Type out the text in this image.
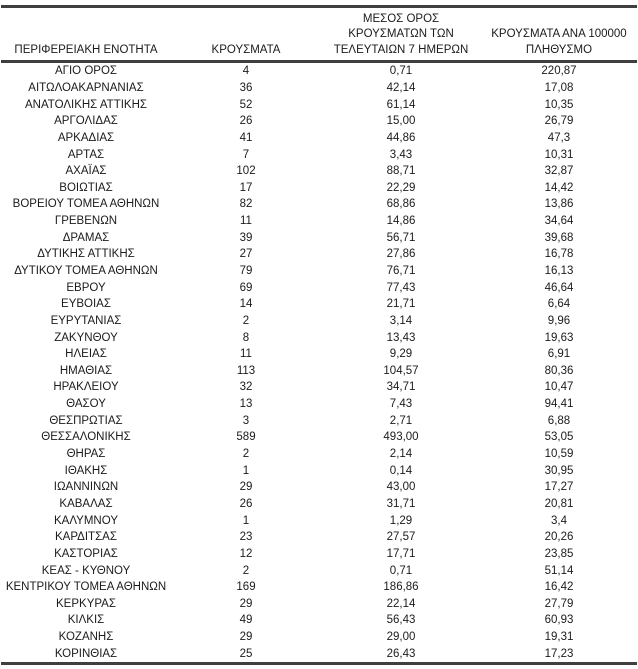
ΠΕΡΙΦΕΡΕΙΑΚΗ ΕΝΟΤΗΤΑ	ΚΡΟΥΣΜΑΤΑ
ΜΕΣΟΣ ΟΡΟΣ
ΚΡΟΥΣΜΑΤΩΝ ΤΩΝ
ΤΕΛΕΥΤΑΙΩΝ 7 ΗΜΕΡΩΝ
ΚΡΟΥΣΜΑΤΑ ΑΝΑ 100000
ΠΛΗΘΥΣΜΟ
ΑΓΙΟ ΟΡΟΣ	4	0,71	220,87
ΑΙΤΩΛΟΑΚΑΡΝΑΝΙΑΣ	36	42,14	17,08
ΑΝΑΤΟΛΙΚΗΣ ΑΤΤΙΚΗΣ	52	61,14	10,35
ΑΡΓΟΛΙΔΑΣ	26	15,00	26,79
ΑΡΚΑΔΙΑΣ	41	44,86	47,3
ΑΡΤΑΣ	7	3,43	10,31
ΑΧΑΪΑΣ	102	88,71	32,87
ΒΟΙΩΤΙΑΣ	17	22,29	14,42
ΒΟΡΕΙΟΥ ΤΟΜΕΑ ΑΘΗΝΩΝ	82	68,86	13,86
ΓΡΕΒΕΝΩΝ	11	14,86	34,64
ΔΡΑΜΑΣ	39	56,71	39,68
ΔΥΤΙΚΗΣ ΑΤΤΙΚΗΣ	27	27,86	16,78
ΔΥΤΙΚΟΥ ΤΟΜΕΑ ΑΘΗΝΩΝ	79	76,71	16,13
ΕΒΡΟΥ	69	77,43	46,64
ΕΥΒΟΙΑΣ	14	21,71	6,64
ΕΥΡΥΤΑΝΙΑΣ	2	3,14	9,96
ΖΑΚΥΝΘΟΥ	8	13,43	19,63
ΗΛΕΙΑΣ	11	9,29	6,91
ΗΜΑΘΙΑΣ	113	104,57	80,36
ΗΡΑΚΛΕΙΟΥ	32	34,71	10,47
ΘΑΣΟΥ	13	7,43	94,41
ΘΕΣΠΡΩΤΙΑΣ	3	2,71	6,88
ΘΕΣΣΑΛΟΝΙΚΗΣ	589	493,00	53,05
ΘΗΡΑΣ	2	2,14	10,59
ΙΘΑΚΗΣ	1	0,14	30,95
ΙΩΑΝΝΙΝΩΝ	29	43,00	17,27
ΚΑΒΑΛΑΣ	26	31,71	20,81
ΚΑΛΥΜΝΟΥ	1	1,29	3,4
ΚΑΡΔΙΤΣΑΣ	23	27,57	20,26
ΚΑΣΤΟΡΙΑΣ	12	17,71	23,85
ΚΕΑΣ - ΚΥΘΝΟΥ	2	0,71	51,14
ΚΕΝΤΡΙΚΟΥ ΤΟΜΕΑ ΑΘΗΝΩΝ	169	186,86	16,42
ΚΕΡΚΥΡΑΣ	29	22,14	27,79
ΚΙΛΚΙΣ	49	56,43	60,93
ΚΟΖΑΝΗΣ	29	29,00	19,31
ΚΟΡΙΝΘΙΑΣ	25	26,43	17,23
